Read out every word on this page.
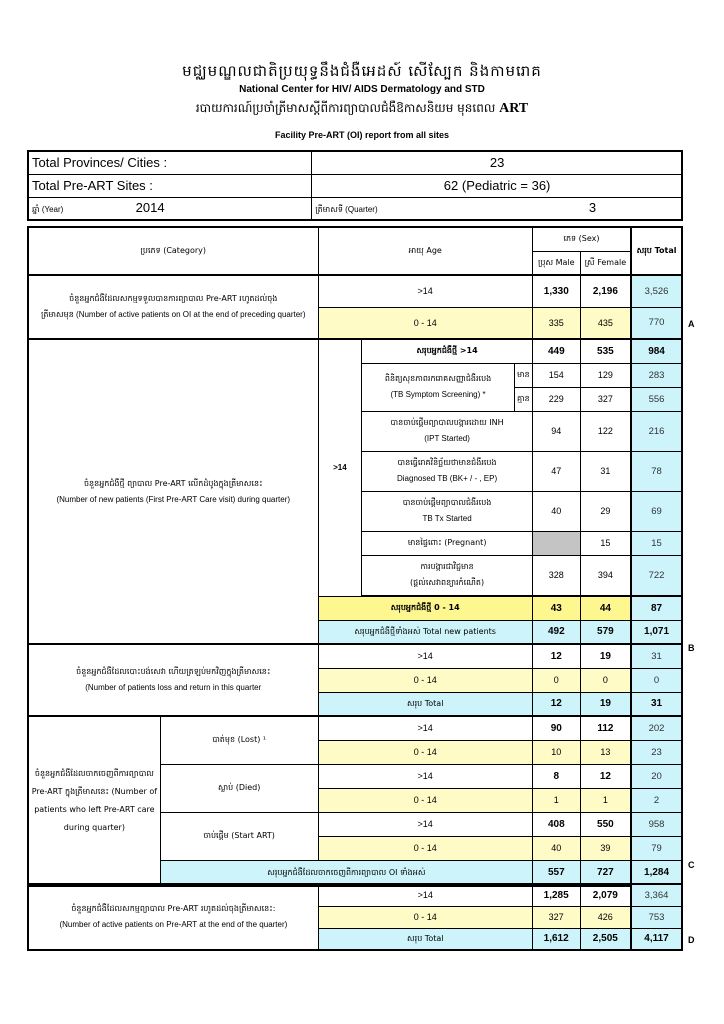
មជ្ឈមណ្ឌលជាតិប្រយុទ្ធនឹងជំងឺអេដស៍ សើស្បែក និងកាមរោគ
National Center for HIV/ AIDS Dermatology and STD
របាយការណ៍ប្រចាំត្រីមាសស្ដីពីការព្យាបាលជំងឺឱកាសនិយម មុនពេល ART
Facility Pre-ART (OI) report from all sites
Total Provinces/ Cities :	23
Total Pre-ART Sites :	62 (Pediatric = 36)
ឆ្នាំ (Year) 2014	ត្រីមាសទី (Quarter) 3
ប្រភេទ (Category)		អាយុ Age			ភេទ (Sex)		សរុប Total
					ប្រុស Male	ស្រី Female	

ចំនួនអ្នកជំងឺដែលសកម្មទទួលបានការព្យាបាល Pre-ART រហូតដល់ចុង
ត្រីមាសមុន (Number of active patients on OI at the end of preceding quarter)		>14			1,330	2,196	3,526
		0 - 14			335	435	770

ចំនួនអ្នកជំងឺថ្មី ព្យាបាល Pre-ART លើកដំបូងក្នុងត្រីមាសនេះ
(Number of new patients (First Pre-ART Care visit) during quarter)		>14	សរុបអ្នកជំងឺថ្មី >14		449	535	984

			ពិនិត្យសុខភាពរករោគសញ្ញាជំងឺរបេង
(TB Symptom Screening) *	មាន	154	129	283
				គ្មាន	229	327	556

			បានចាប់ផ្ដើមព្យាបាលបង្ការដោយ INH
(IPT Started)		94	122	216

			បានធ្វើរោគវិនិច្ឆ័យថាមានជំងឺរបេង
Diagnosed TB (BK+ / - , EP)		47	31	78

			បានចាប់ផ្ដើមព្យាបាលជំងឺរបេង
TB Tx Started		40	29	69
			មានផ្ទៃពោះ (Pregnant)			15	15

			ការបង្ការជាវិជ្ជមាន
(ផ្ដល់សេវាពន្យារកំណើត)		328	394	722

		សរុបអ្នកជំងឺថ្មី 0 - 14			43	44	87
		សរុបអ្នកជំងឺថ្មីទាំងអស់ Total new patients			492	579	1,071

ចំនួនអ្នកជំងឺដែលបោះបង់សេវា ហើយត្រឡប់មកវិញក្នុងត្រីមាសនេះ
(Number of patients loss and return in this quarter		>14			12	19	31
		0 - 14			0	0	0
		សរុប Total			12	19	31
ចំនួនអ្នកជំងឺដែលចាកចេញពីការព្យាបាល Pre-ART ក្នុងត្រីមាសនេះ (Number of patients who left Pre-ART care during quarter)	បាត់មុខ (Lost) ¹	>14			90	112	202
		0 - 14			10	13	23
	ស្លាប់ (Died)	>14			8	12	20
		0 - 14			1	1	2
	ចាប់ផ្ដើម (Start ART)	>14			408	550	958
		0 - 14			40	39	79
	សរុបអ្នកជំងឺដែលចាកចេញពីការព្យាបាល OI ទាំងអស់				557	727	1,284
ចំនួនអ្នកជំងឺដែលសកម្មព្យាបាល Pre-ART រហូតដល់ចុងត្រីមាសនេះ:
(Number of active patients on Pre-ART at the end of the quarter)	>14	1,285	2,079	3,364
	0 - 14	327	426	753
	សរុប Total	1,612	2,505	4,117
A
B
C
D
